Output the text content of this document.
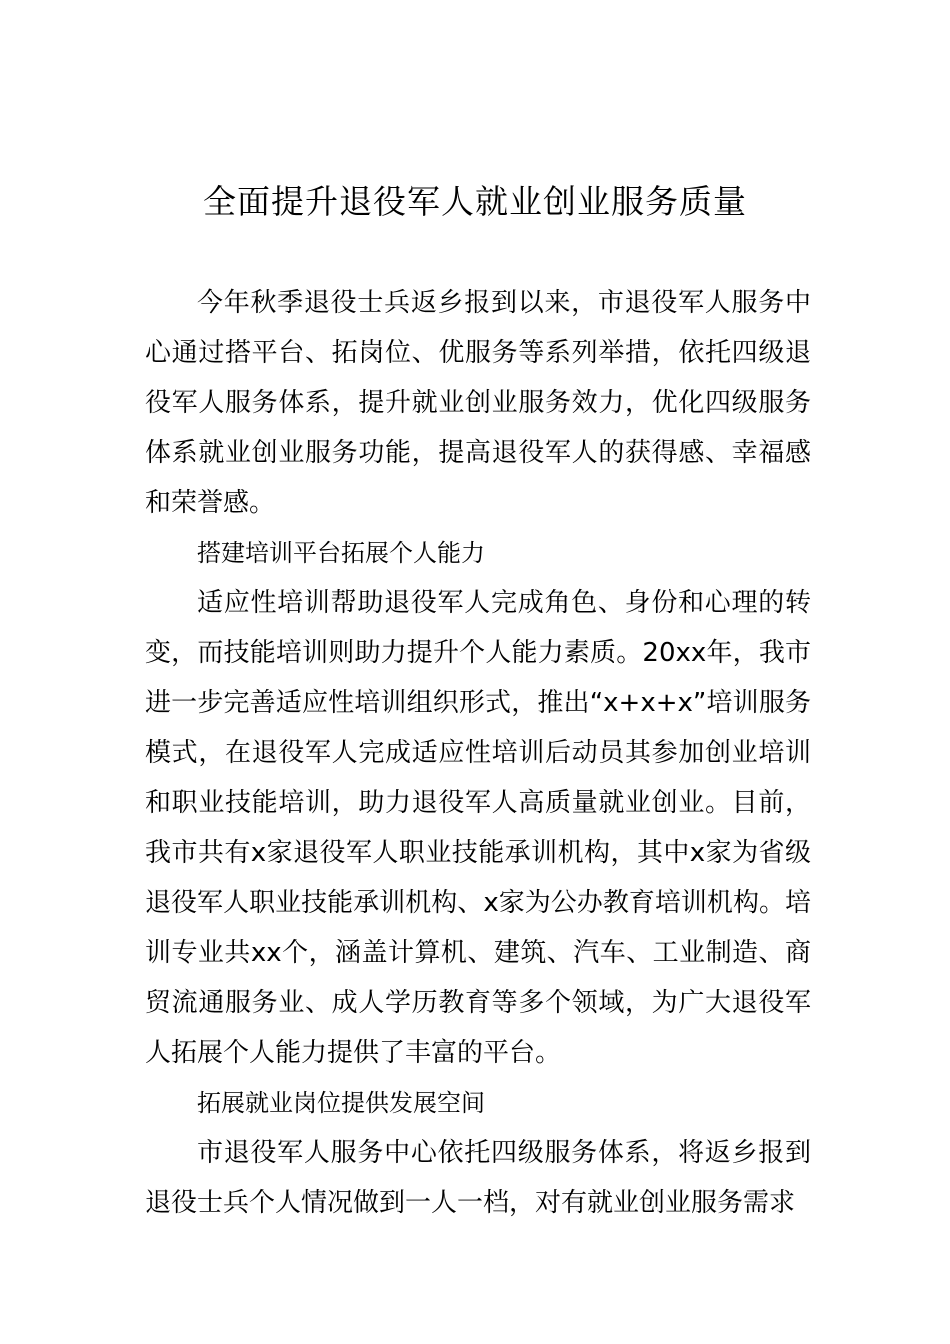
全面提升退役军人就业创业服务质量

今年秋季退役士兵返乡报到以来，市退役军人服务中心通过搭平台、拓岗位、优服务等系列举措，依托四级退役军人服务体系，提升就业创业服务效力，优化四级服务体系就业创业服务功能，提高退役军人的获得感、幸福感和荣誉感。

搭建培训平台拓展个人能力

适应性培训帮助退役军人完成角色、身份和心理的转变，而技能培训则助力提升个人能力素质。20xx年，我市进一步完善适应性培训组织形式，推出“x+x+x”培训服务模式，在退役军人完成适应性培训后动员其参加创业培训和职业技能培训，助力退役军人高质量就业创业。目前，我市共有x家退役军人职业技能承训机构，其中x家为省级退役军人职业技能承训机构、x家为公办教育培训机构。培训专业共xx个，涵盖计算机、建筑、汽车、工业制造、商贸流通服务业、成人学历教育等多个领域，为广大退役军人拓展个人能力提供了丰富的平台。

拓展就业岗位提供发展空间

市退役军人服务中心依托四级服务体系，将返乡报到退役士兵个人情况做到一人一档，对有就业创业服务需求
